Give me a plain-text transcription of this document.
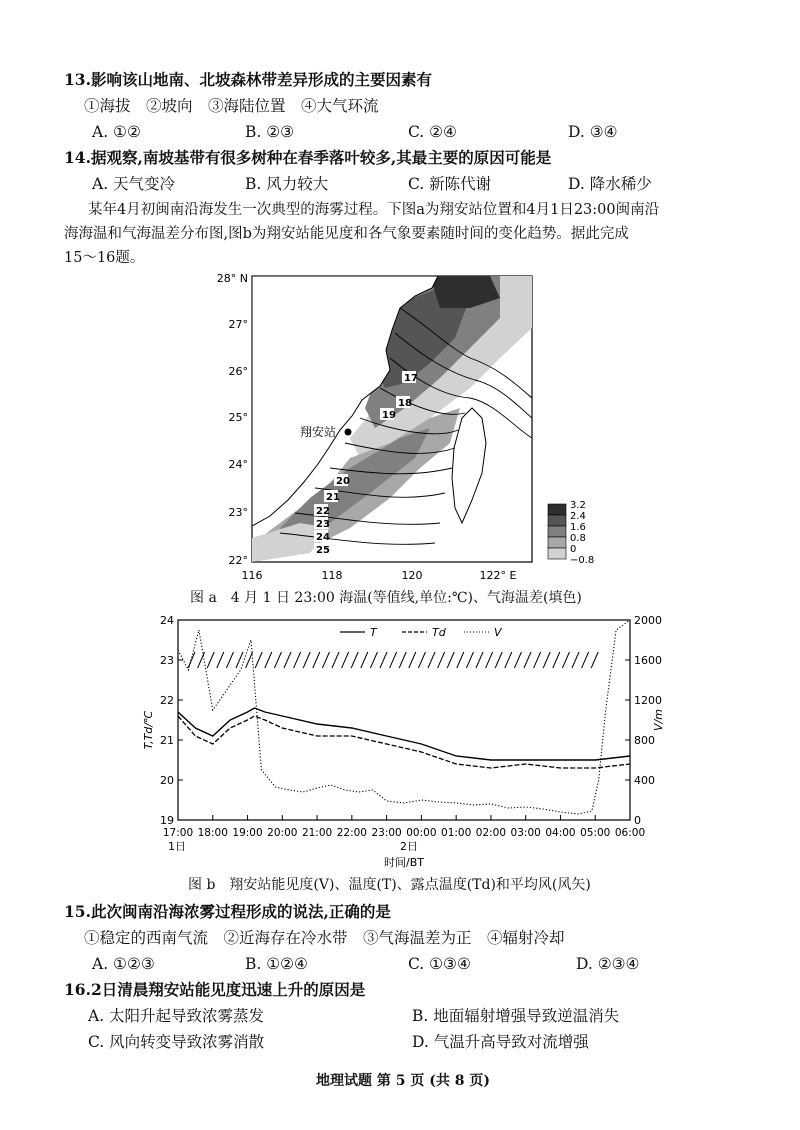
13.影响该山地南、北坡森林带差异形成的主要因素有
①海拔　②坡向　③海陆位置　④大气环流
A. ①②	B. ②③	C. ②④	D. ③④
14.据观察,南坡基带有很多树种在春季落叶较多,其最主要的原因可能是
A. 天气变冷	B. 风力较大	C. 新陈代谢	D. 降水稀少
某年4月初闽南沿海发生一次典型的海雾过程。下图a为翔安站位置和4月1日23:00闽南沿
海海温和气海温差分布图,图b为翔安站能见度和各气象要素随时间的变化趋势。据此完成
15～16题。
翔安站
17
18
19
20
21
22
23
24
25
28° N
27°
26°
25°
24°
23°
22°
116	118	120	122° E
3.2
2.4
1.6
0.8
0
−0.8
图 a　4 月 1 日 23:00 海温(等值线,单位:℃)、气海温差(填色)
24
23
22
21
20
19
2000
1600
1200
800
400
0
17:00 18:00 19:00 20:00 21:00 22:00 23:00 00:00 01:00 02:00 03:00 04:00 05:00 06:00
T,Td/℃	V/m
时间/BT
1日	2日
T	Td	V
图 b　翔安站能见度(V)、温度(T)、露点温度(Td)和平均风(风矢)
15.此次闽南沿海浓雾过程形成的说法,正确的是
①稳定的西南气流　②近海存在冷水带　③气海温差为正　④辐射冷却
A. ①②③	B. ①②④	C. ①③④	D. ②③④
16.2日清晨翔安站能见度迅速上升的原因是
A. 太阳升起导致浓雾蒸发	B. 地面辐射增强导致逆温消失
C. 风向转变导致浓雾消散	D. 气温升高导致对流增强
地理试题 第 5 页 (共 8 页)
